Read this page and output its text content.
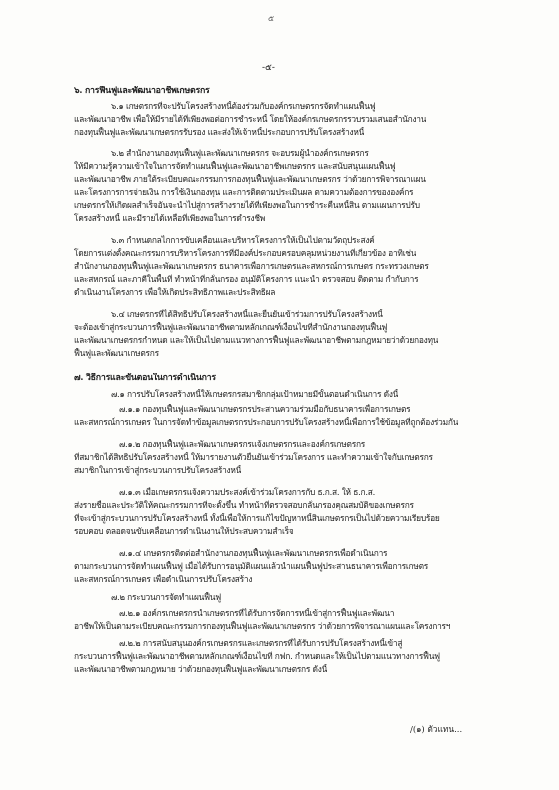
๕
-๕-
๖. การฟื้นฟูและพัฒนาอาชีพเกษตรกร
๖.๑ เกษตรกรที่จะปรับโครงสร้างหนี้ต้องร่วมกับองค์กรเกษตรกรจัดทำแผนฟื้นฟู
และพัฒนาอาชีพ เพื่อให้มีรายได้ที่เพียงพอต่อการชำระหนี้ โดยให้องค์กรเกษตรกรรวบรวมเสนอสำนักงาน
กองทุนฟื้นฟูและพัฒนาเกษตรกรรับรอง และส่งให้เจ้าหนี้ประกอบการปรับโครงสร้างหนี้
๖.๒ สำนักงานกองทุนฟื้นฟูและพัฒนาเกษตรกร จะอบรมผู้นำองค์กรเกษตรกร
ให้มีความรู้ความเข้าใจในการจัดทำแผนฟื้นฟูและพัฒนาอาชีพเกษตรกร และสนับสนุนแผนฟื้นฟู
และพัฒนาอาชีพ ภายใต้ระเบียบคณะกรรมการกองทุนฟื้นฟูและพัฒนาเกษตรกร ว่าด้วยการพิจารณาแผน
และโครงการการจ่ายเงิน การใช้เงินกองทุน และการติดตามประเมินผล ตามความต้องการขององค์กร
เกษตรกรให้เกิดผลสำเร็จอันจะนำไปสู่การสร้างรายได้ที่เพียงพอในการชำระคืนหนี้สิน ตามแผนการปรับ
โครงสร้างหนี้ และมีรายได้เหลือที่เพียงพอในการดำรงชีพ
๖.๓ กำหนดกลไกการขับเคลื่อนและบริหารโครงการให้เป็นไปตามวัตถุประสงค์
โดยการแต่งตั้งคณะกรรมการบริหารโครงการที่มีองค์ประกอบครอบคลุมหน่วยงานที่เกี่ยวข้อง อาทิเช่น
สำนักงานกองทุนฟื้นฟูและพัฒนาเกษตรกร ธนาคารเพื่อการเกษตรและสหกรณ์การเกษตร กระทรวงเกษตร
และสหกรณ์ และภาคีในพื้นที่ ทำหน้าที่กลั่นกรอง อนุมัติโครงการ แนะนำ ตรวจสอบ ติดตาม กำกับการ
ดำเนินงานโครงการ เพื่อให้เกิดประสิทธิภาพและประสิทธิผล
๖.๔ เกษตรกรที่ได้สิทธิปรับโครงสร้างหนี้และยืนยันเข้าร่วมการปรับโครงสร้างหนี้
จะต้องเข้าสู่กระบวนการฟื้นฟูและพัฒนาอาชีพตามหลักเกณฑ์เงื่อนไขที่สำนักงานกองทุนฟื้นฟู
และพัฒนาเกษตรกรกำหนด และให้เป็นไปตามแนวทางการฟื้นฟูและพัฒนาอาชีพตามกฎหมายว่าด้วยกองทุน
ฟื้นฟูและพัฒนาเกษตรกร
๗. วิธีการและขั้นตอนในการดำเนินการ
๗.๑ การปรับโครงสร้างหนี้ให้เกษตรกรสมาชิกกลุ่มเป้าหมายมีขั้นตอนดำเนินการ ดังนี้
๗.๑.๑ กองทุนฟื้นฟูและพัฒนาเกษตรกรประสานความร่วมมือกับธนาคารเพื่อการเกษตร
และสหกรณ์การเกษตร ในการจัดทำข้อมูลเกษตรกรประกอบการปรับโครงสร้างหนี้เพื่อการใช้ข้อมูลที่ถูกต้องร่วมกัน
๗.๑.๒ กองทุนฟื้นฟูและพัฒนาเกษตรกรแจ้งเกษตรกรและองค์กรเกษตรกร
ที่สมาชิกได้สิทธิปรับโครงสร้างหนี้ ให้มารายงานตัวยืนยันเข้าร่วมโครงการ และทำความเข้าใจกับเกษตรกร
สมาชิกในการเข้าสู่กระบวนการปรับโครงสร้างหนี้
๗.๑.๓ เมื่อเกษตรกรแจ้งความประสงค์เข้าร่วมโครงการกับ ธ.ก.ส. ให้ ธ.ก.ส.
ส่งรายชื่อและประวัติให้คณะกรรมการที่จะตั้งขึ้น ทำหน้าที่ตรวจสอบกลั่นกรองคุณสมบัติของเกษตรกร
ที่จะเข้าสู่กระบวนการปรับโครงสร้างหนี้ ทั้งนี้เพื่อให้การแก้ไขปัญหาหนี้สินเกษตรกรเป็นไปด้วยความเรียบร้อย
รอบคอบ ตลอดจนขับเคลื่อนการดำเนินงานให้ประสบความสำเร็จ
๗.๑.๔ เกษตรกรติดต่อสำนักงานกองทุนฟื้นฟูและพัฒนาเกษตรกรเพื่อดำเนินการ
ตามกระบวนการจัดทำแผนฟื้นฟู เมื่อได้รับการอนุมัติแผนแล้วนำแผนฟื้นฟูประสานธนาคารเพื่อการเกษตร
และสหกรณ์การเกษตร เพื่อดำเนินการปรับโครงสร้าง
๗.๒ กระบวนการจัดทำแผนฟื้นฟู
๗.๒.๑ องค์กรเกษตรกรนำเกษตรกรที่ได้รับการจัดการหนี้เข้าสู่การฟื้นฟูและพัฒนา
อาชีพให้เป็นตามระเบียบคณะกรรมการกองทุนฟื้นฟูและพัฒนาเกษตรกร ว่าด้วยการพิจารณาแผนและโครงการฯ
๗.๒.๒ การสนับสนุนองค์กรเกษตรกรและเกษตรกรที่ได้รับการปรับโครงสร้างหนี้เข้าสู่
กระบวนการฟื้นฟูและพัฒนาอาชีพตามหลักเกณฑ์เงื่อนไขที่ กฟก. กำหนดและให้เป็นไปตามแนวทางการฟื้นฟู
และพัฒนาอาชีพตามกฎหมาย ว่าด้วยกองทุนฟื้นฟูและพัฒนาเกษตรกร ดังนี้
/(๑) ตัวแทน...
